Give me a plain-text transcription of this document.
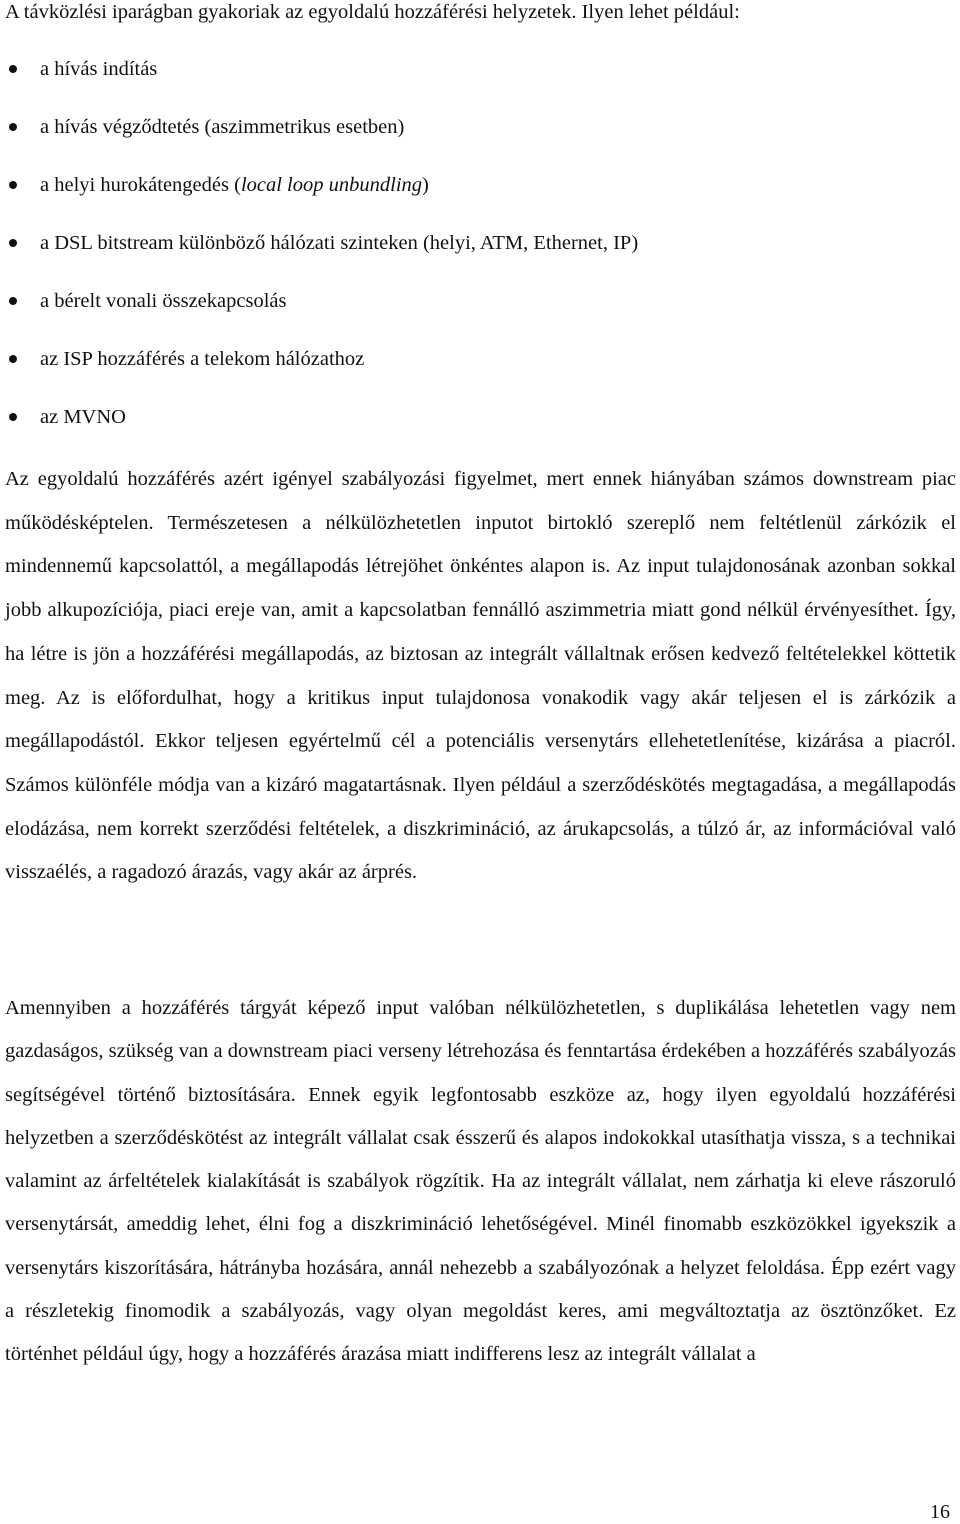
A távközlési iparágban gyakoriak az egyoldalú hozzáférési helyzetek. Ilyen lehet például:
a hívás indítás
a hívás végződtetés (aszimmetrikus esetben)
a helyi hurokátengedés (local loop unbundling)
a DSL bitstream különböző hálózati szinteken (helyi, ATM, Ethernet, IP)
a bérelt vonali összekapcsolás
az ISP hozzáférés a telekom hálózathoz
az MVNO

Az egyoldalú hozzáférés azért igényel szabályozási figyelmet, mert ennek hiányában számos downstream piac működésképtelen. Természetesen a nélkülözhetetlen inputot birtokló szereplő nem feltétlenül zárkózik el mindennemű kapcsolattól, a megállapodás létrejöhet önkéntes alapon is. Az input tulajdonosának azonban sokkal jobb alkupozíciója, piaci ereje van, amit a kapcsolatban fennálló aszimmetria miatt gond nélkül érvényesíthet. Így, ha létre is jön a hozzáférési megállapodás, az biztosan az integrált vállaltnak erősen kedvező feltételekkel köttetik meg. Az is előfordulhat, hogy a kritikus input tulajdonosa vonakodik vagy akár teljesen el is zárkózik a megállapodástól. Ekkor teljesen egyértelmű cél a potenciális versenytárs ellehetetlenítése, kizárása a piacról. Számos különféle módja van a kizáró magatartásnak. Ilyen például a szerződéskötés megtagadása, a megállapodás elodázása, nem korrekt szerződési feltételek, a diszkrimináció, az árukapcsolás, a túlzó ár, az információval való visszaélés, a ragadozó árazás, vagy akár az árprés.

Amennyiben a hozzáférés tárgyát képező input valóban nélkülözhetetlen, s duplikálása lehetetlen vagy nem gazdaságos, szükség van a downstream piaci verseny létrehozása és fenntartása érdekében a hozzáférés szabályozás segítségével történő biztosítására. Ennek egyik legfontosabb eszköze az, hogy ilyen egyoldalú hozzáférési helyzetben a szerződéskötést az integrált vállalat csak ésszerű és alapos indokokkal utasíthatja vissza, s a technikai valamint az árfeltételek kialakítását is szabályok rögzítik. Ha az integrált vállalat, nem zárhatja ki eleve rászoruló versenytársát, ameddig lehet, élni fog a diszkrimináció lehetőségével. Minél finomabb eszközökkel igyekszik a versenytárs kiszorítására, hátrányba hozására, annál nehezebb a szabályozónak a helyzet feloldása. Épp ezért vagy a részletekig finomodik a szabályozás, vagy olyan megoldást keres, ami megváltoztatja az ösztönzőket. Ez történhet például úgy, hogy a hozzáférés árazása miatt indifferens lesz az integrált vállalat a

16
